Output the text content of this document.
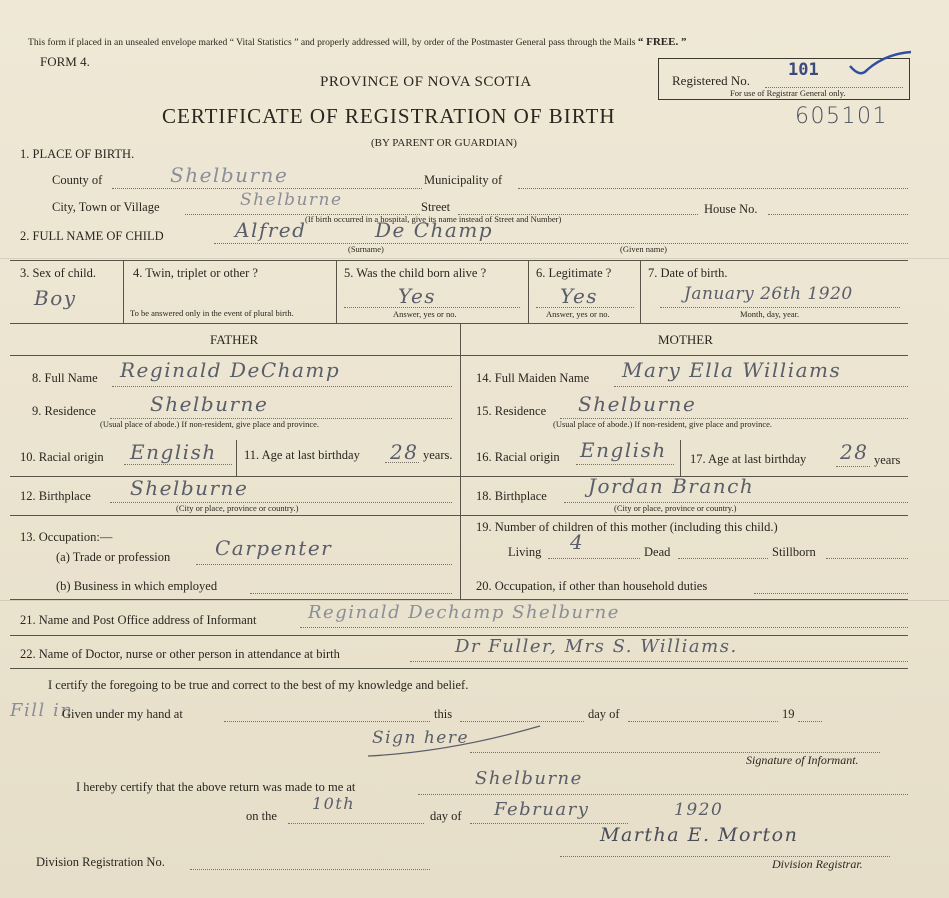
This form if placed in an unsealed envelope marked “ Vital Statistics ” and properly addressed will, by order of the Postmaster General pass through the Mails “ FREE. ”
FORM 4.
PROVINCE OF NOVA SCOTIA	Registered No.
101
For use of Registrar General only.
CERTIFICATE OF REGISTRATION OF BIRTH	605101
(BY PARENT OR GUARDIAN)
1. PLACE OF BIRTH.
County of	Shelburne	Municipality of
City, Town or Village	Shelburne	Street	House No.
(If birth occurred in a hospital, give its name instead of Street and Number)
2. FULL NAME OF CHILD	Alfred	De Champ
(Surname)	(Given name)
3. Sex of child.
Boy
4. Twin, triplet or other ?
To be answered only in the event of plural birth.
5. Was the child born alive ?
Yes
Answer, yes or no.
6. Legitimate ?
Yes
Answer, yes or no.
7. Date of birth.
January 26th 1920
Month, day, year.
FATHER	MOTHER
8. Full Name Reginald DeChamp
9. Residence	Shelburne
(Usual place of abode.) If non-resident, give place and province.
10. Racial origin English 11. Age at last birthday 28 years.
12. Birthplace Shelburne
(City or place, province or country.)
13. Occupation:—
(a) Trade or profession Carpenter
(b) Business in which employed
14. Full Maiden Name Mary Ella Williams
15. Residence Shelburne
(Usual place of abode.) If non-resident, give place and province.
16. Racial origin English 17. Age at last birthday 28 years
18. Birthplace Jordan Branch
(City or place, province or country.)
19. Number of children of this mother (including this child.)
Living 4	Dead	Stillborn
20. Occupation, if other than household duties
21. Name and Post Office address of Informant	Reginald Dechamp Shelburne
22. Name of Doctor, nurse or other person in attendance at birth	Dr Fuller, Mrs S. Williams.
I certify the foregoing to be true and correct to the best of my knowledge and belief.
Fill in
Given under my hand at	this	day of	19
Sign here
Signature of Informant.
I hereby certify that the above return was made to me at	Shelburne
on the
10th
day of February	1920
Martha E. Morton
Division Registration No.	Division Registrar.
